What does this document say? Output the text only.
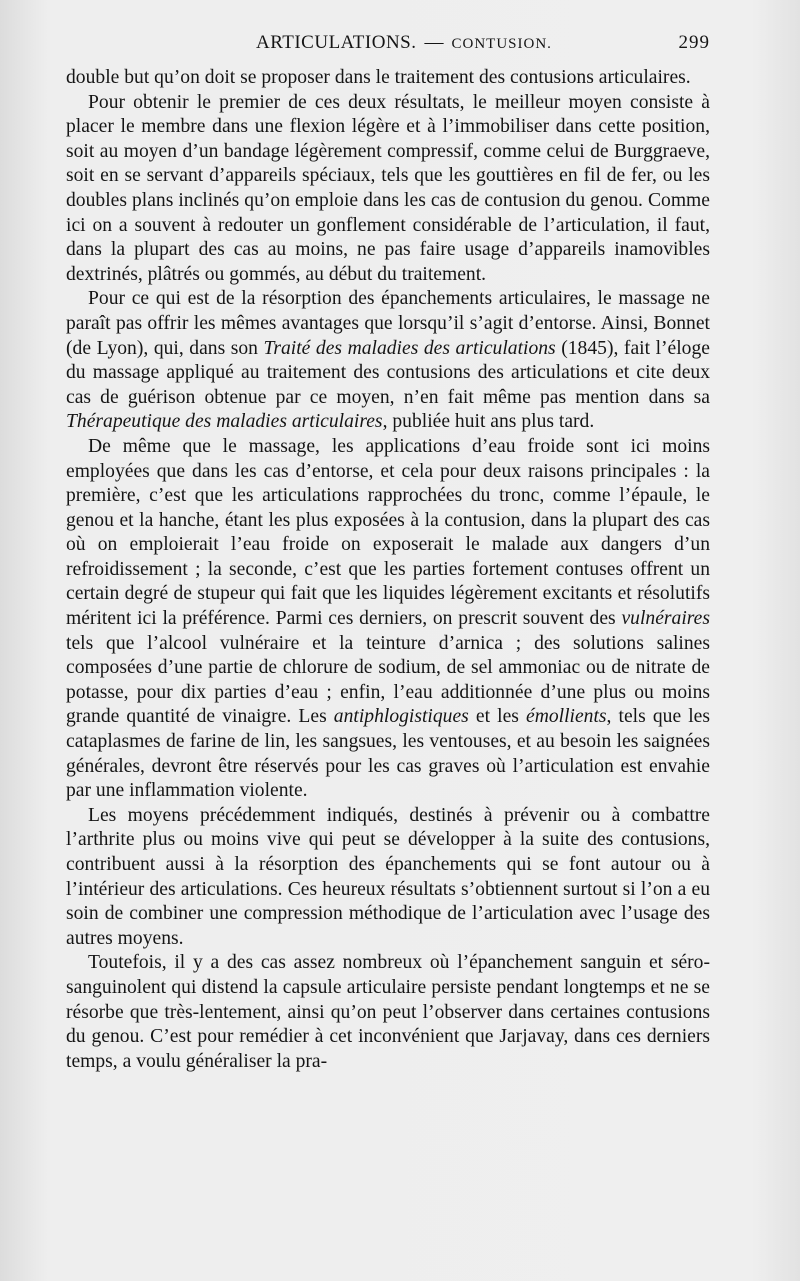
ARTICULATIONS. — CONTUSION.	299

double but qu’on doit se proposer dans le traitement des contusions articulaires.

Pour obtenir le premier de ces deux résultats, le meilleur moyen consiste à placer le membre dans une flexion légère et à l’immobiliser dans cette position, soit au moyen d’un bandage légèrement compressif, comme celui de Burggraeve, soit en se servant d’appareils spéciaux, tels que les gouttières en fil de fer, ou les doubles plans inclinés qu’on emploie dans les cas de contusion du genou. Comme ici on a souvent à redouter un gonflement considérable de l’articulation, il faut, dans la plupart des cas au moins, ne pas faire usage d’appareils inamovibles dextrinés, plâtrés ou gommés, au début du traitement.

Pour ce qui est de la résorption des épanchements articulaires, le massage ne paraît pas offrir les mêmes avantages que lorsqu’il s’agit d’entorse. Ainsi, Bonnet (de Lyon), qui, dans son Traité des maladies des articulations (1845), fait l’éloge du massage appliqué au traitement des contusions des articulations et cite deux cas de guérison obtenue par ce moyen, n’en fait même pas mention dans sa Thérapeutique des maladies articulaires, publiée huit ans plus tard.

De même que le massage, les applications d’eau froide sont ici moins employées que dans les cas d’entorse, et cela pour deux raisons principales : la première, c’est que les articulations rapprochées du tronc, comme l’épaule, le genou et la hanche, étant les plus exposées à la contusion, dans la plupart des cas où on emploierait l’eau froide on exposerait le malade aux dangers d’un refroidissement ; la seconde, c’est que les parties fortement contuses offrent un certain degré de stupeur qui fait que les liquides légèrement excitants et résolutifs méritent ici la préférence. Parmi ces derniers, on prescrit souvent des vulnéraires tels que l’alcool vulnéraire et la teinture d’arnica ; des solutions salines composées d’une partie de chlorure de sodium, de sel ammoniac ou de nitrate de potasse, pour dix parties d’eau ; enfin, l’eau additionnée d’une plus ou moins grande quantité de vinaigre. Les antiphlogistiques et les émollients, tels que les cataplasmes de farine de lin, les sangsues, les ventouses, et au besoin les saignées générales, devront être réservés pour les cas graves où l’articulation est envahie par une inflammation violente.

Les moyens précédemment indiqués, destinés à prévenir ou à combattre l’arthrite plus ou moins vive qui peut se développer à la suite des contusions, contribuent aussi à la résorption des épanchements qui se font autour ou à l’intérieur des articulations. Ces heureux résultats s’obtiennent surtout si l’on a eu soin de combiner une compression méthodique de l’articulation avec l’usage des autres moyens.

Toutefois, il y a des cas assez nombreux où l’épanchement sanguin et séro-sanguinolent qui distend la capsule articulaire persiste pendant longtemps et ne se résorbe que très-lentement, ainsi qu’on peut l’observer dans certaines contusions du genou. C’est pour remédier à cet inconvénient que Jarjavay, dans ces derniers temps, a voulu généraliser la pra-
